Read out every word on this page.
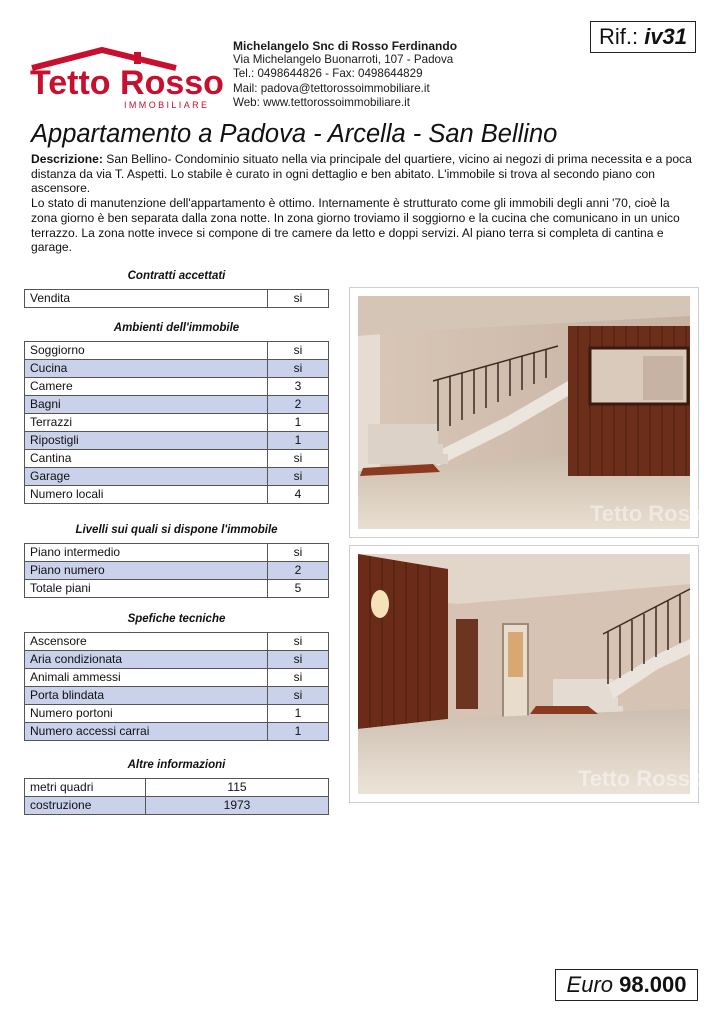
Tetto Rosso
IMMOBILIARE
Michelangelo Snc di Rosso Ferdinando
Via Michelangelo Buonarroti, 107 - Padova
Tel.: 0498644826 - Fax: 0498644829
Mail: padova@tettorossoimmobiliare.it
Web: www.tettorossoimmobiliare.it
Rif.: iv31
Appartamento a Padova - Arcella - San Bellino

Descrizione: San Bellino- Condominio situato nella via principale del quartiere, vicino ai negozi di prima necessita e a poca distanza da via T. Aspetti. Lo stabile è curato in ogni dettaglio e ben abitato. L'immobile si trova al secondo piano con ascensore.

Lo stato di manutenzione dell'appartamento è ottimo. Internamente è strutturato come gli immobili degli anni '70, cioè la zona giorno è ben separata dalla zona notte. In zona giorno troviamo il soggiorno e la cucina che comunicano in un unico terrazzo. La zona notte invece si compone di tre camere da letto e doppi servizi. Al piano terra si completa di cantina e garage.

Contratti accettati
Vendita	si
Ambienti dell'immobile
Soggiorno	si
Cucina	si
Camere	3
Bagni	2
Terrazzi	1
Ripostigli	1
Cantina	si
Garage	si
Numero locali	4
Livelli sui quali si dispone l'immobile
Piano intermedio	si
Piano numero	2
Totale piani	5
Spefiche tecniche
Ascensore	si
Aria condizionata	si
Animali ammessi	si
Porta blindata	si
Numero portoni	1
Numero accessi carrai	1
Altre informazioni
metri quadri	115
costruzione	1973
Tetto Rosso
Tetto Rosso
Euro 98.000
